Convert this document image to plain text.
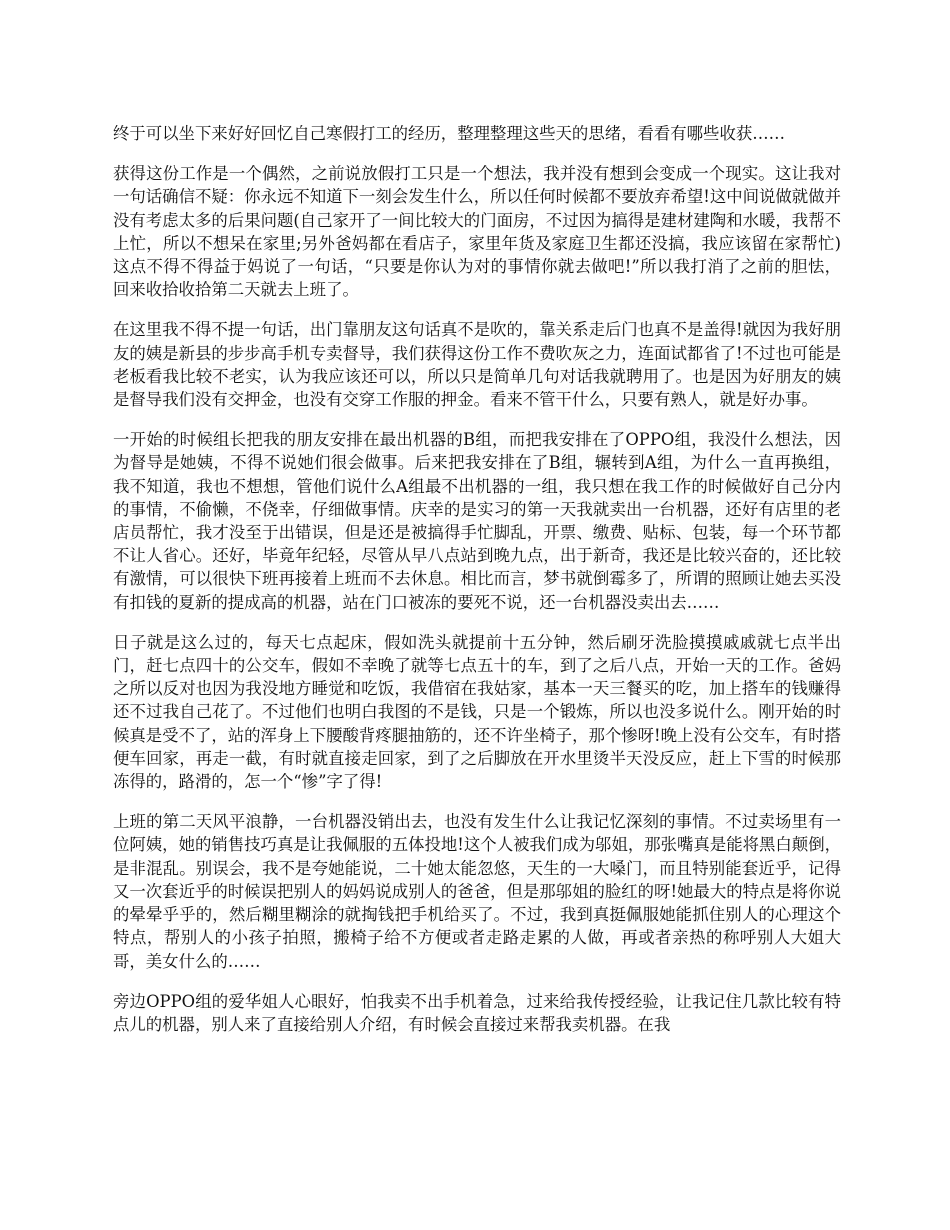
终于可以坐下来好好回忆自己寒假打工的经历，整理整理这些天的思绪，看看有哪些收获……

获得这份工作是一个偶然，之前说放假打工只是一个想法，我并没有想到会变成一个现实。这让我对一句话确信不疑：你永远不知道下一刻会发生什么，所以任何时候都不要放弃希望!这中间说做就做并没有考虑太多的后果问题(自己家开了一间比较大的门面房，不过因为搞得是建材建陶和水暖，我帮不上忙，所以不想呆在家里;另外爸妈都在看店子，家里年货及家庭卫生都还没搞，我应该留在家帮忙)这点不得不得益于妈说了一句话，“只要是你认为对的事情你就去做吧!”所以我打消了之前的胆怯，回来收拾收拾第二天就去上班了。

在这里我不得不提一句话，出门靠朋友这句话真不是吹的，靠关系走后门也真不是盖得!就因为我好朋友的姨是新县的步步高手机专卖督导，我们获得这份工作不费吹灰之力，连面试都省了!不过也可能是老板看我比较不老实，认为我应该还可以，所以只是简单几句对话我就聘用了。也是因为好朋友的姨是督导我们没有交押金，也没有交穿工作服的押金。看来不管干什么，只要有熟人，就是好办事。

一开始的时候组长把我的朋友安排在最出机器的B组，而把我安排在了OPPO组，我没什么想法，因为督导是她姨，不得不说她们很会做事。后来把我安排在了B组，辗转到A组，为什么一直再换组，我不知道，我也不想想，管他们说什么A组最不出机器的一组，我只想在我工作的时候做好自己分内的事情，不偷懒，不侥幸，仔细做事情。庆幸的是实习的第一天我就卖出一台机器，还好有店里的老店员帮忙，我才没至于出错误，但是还是被搞得手忙脚乱，开票、缴费、贴标、包装，每一个环节都不让人省心。还好，毕竟年纪轻，尽管从早八点站到晚九点，出于新奇，我还是比较兴奋的，还比较有激情，可以很快下班再接着上班而不去休息。相比而言，梦书就倒霉多了，所谓的照顾让她去买没有扣钱的夏新的提成高的机器，站在门口被冻的要死不说，还一台机器没卖出去……

日子就是这么过的，每天七点起床，假如洗头就提前十五分钟，然后刷牙洗脸摸摸戚戚就七点半出门，赶七点四十的公交车，假如不幸晚了就等七点五十的车，到了之后八点，开始一天的工作。爸妈之所以反对也因为我没地方睡觉和吃饭，我借宿在我姑家，基本一天三餐买的吃，加上搭车的钱赚得还不过我自己花了。不过他们也明白我图的不是钱，只是一个锻炼，所以也没多说什么。刚开始的时候真是受不了，站的浑身上下腰酸背疼腿抽筋的，还不许坐椅子，那个惨呀!晚上没有公交车，有时搭便车回家，再走一截，有时就直接走回家，到了之后脚放在开水里烫半天没反应，赶上下雪的时候那冻得的，路滑的，怎一个“惨”字了得!

上班的第二天风平浪静，一台机器没销出去，也没有发生什么让我记忆深刻的事情。不过卖场里有一位阿姨，她的销售技巧真是让我佩服的五体投地!这个人被我们成为邬姐，那张嘴真是能将黑白颠倒，是非混乱。别误会，我不是夸她能说，二十她太能忽悠，天生的一大嗓门，而且特别能套近乎，记得又一次套近乎的时候误把别人的妈妈说成别人的爸爸，但是那邬姐的脸红的呀!她最大的特点是将你说的晕晕乎乎的，然后糊里糊涂的就掏钱把手机给买了。不过，我到真挺佩服她能抓住别人的心理这个特点，帮别人的小孩子拍照，搬椅子给不方便或者走路走累的人做，再或者亲热的称呼别人大姐大哥，美女什么的……

旁边OPPO组的爱华姐人心眼好，怕我卖不出手机着急，过来给我传授经验，让我记住几款比较有特点儿的机器，别人来了直接给别人介绍，有时候会直接过来帮我卖机器。在我
